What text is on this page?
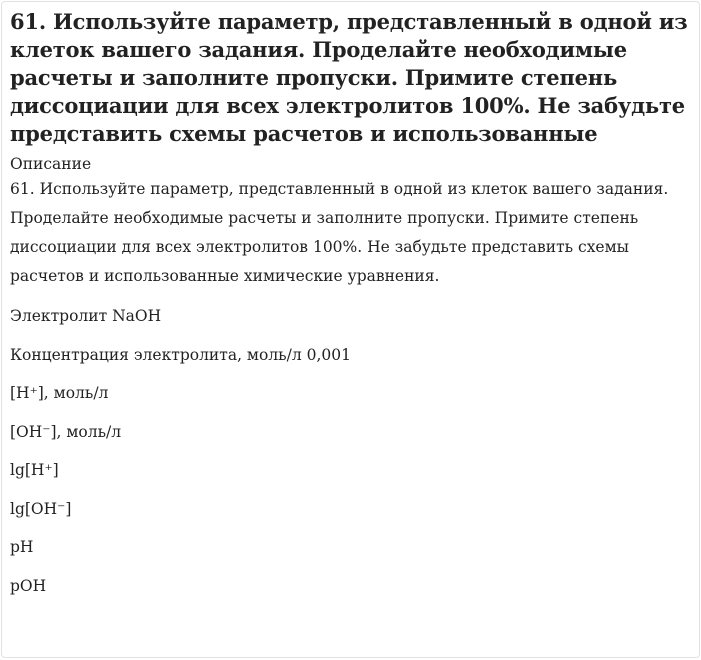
61. Используйте параметр, представленный в одной из клеток вашего задания. Проделайте необходимые расчеты и заполните пропуски. Примите степень диссоциации для всех электролитов 100%. Не забудьте представить схемы расчетов и использованные
Описание
61. Используйте параметр, представленный в одной из клеток вашего задания. Проделайте необходимые расчеты и заполните пропуски. Примите степень диссоциации для всех электролитов 100%. Не забудьте представить схемы расчетов и использованные химические уравнения.
Электролит NaOH
Концентрация электролита, моль/л 0,001
[H⁺], моль/л
[OH⁻], моль/л
lg[H⁺]
lg[OH⁻]
pH
pOH
